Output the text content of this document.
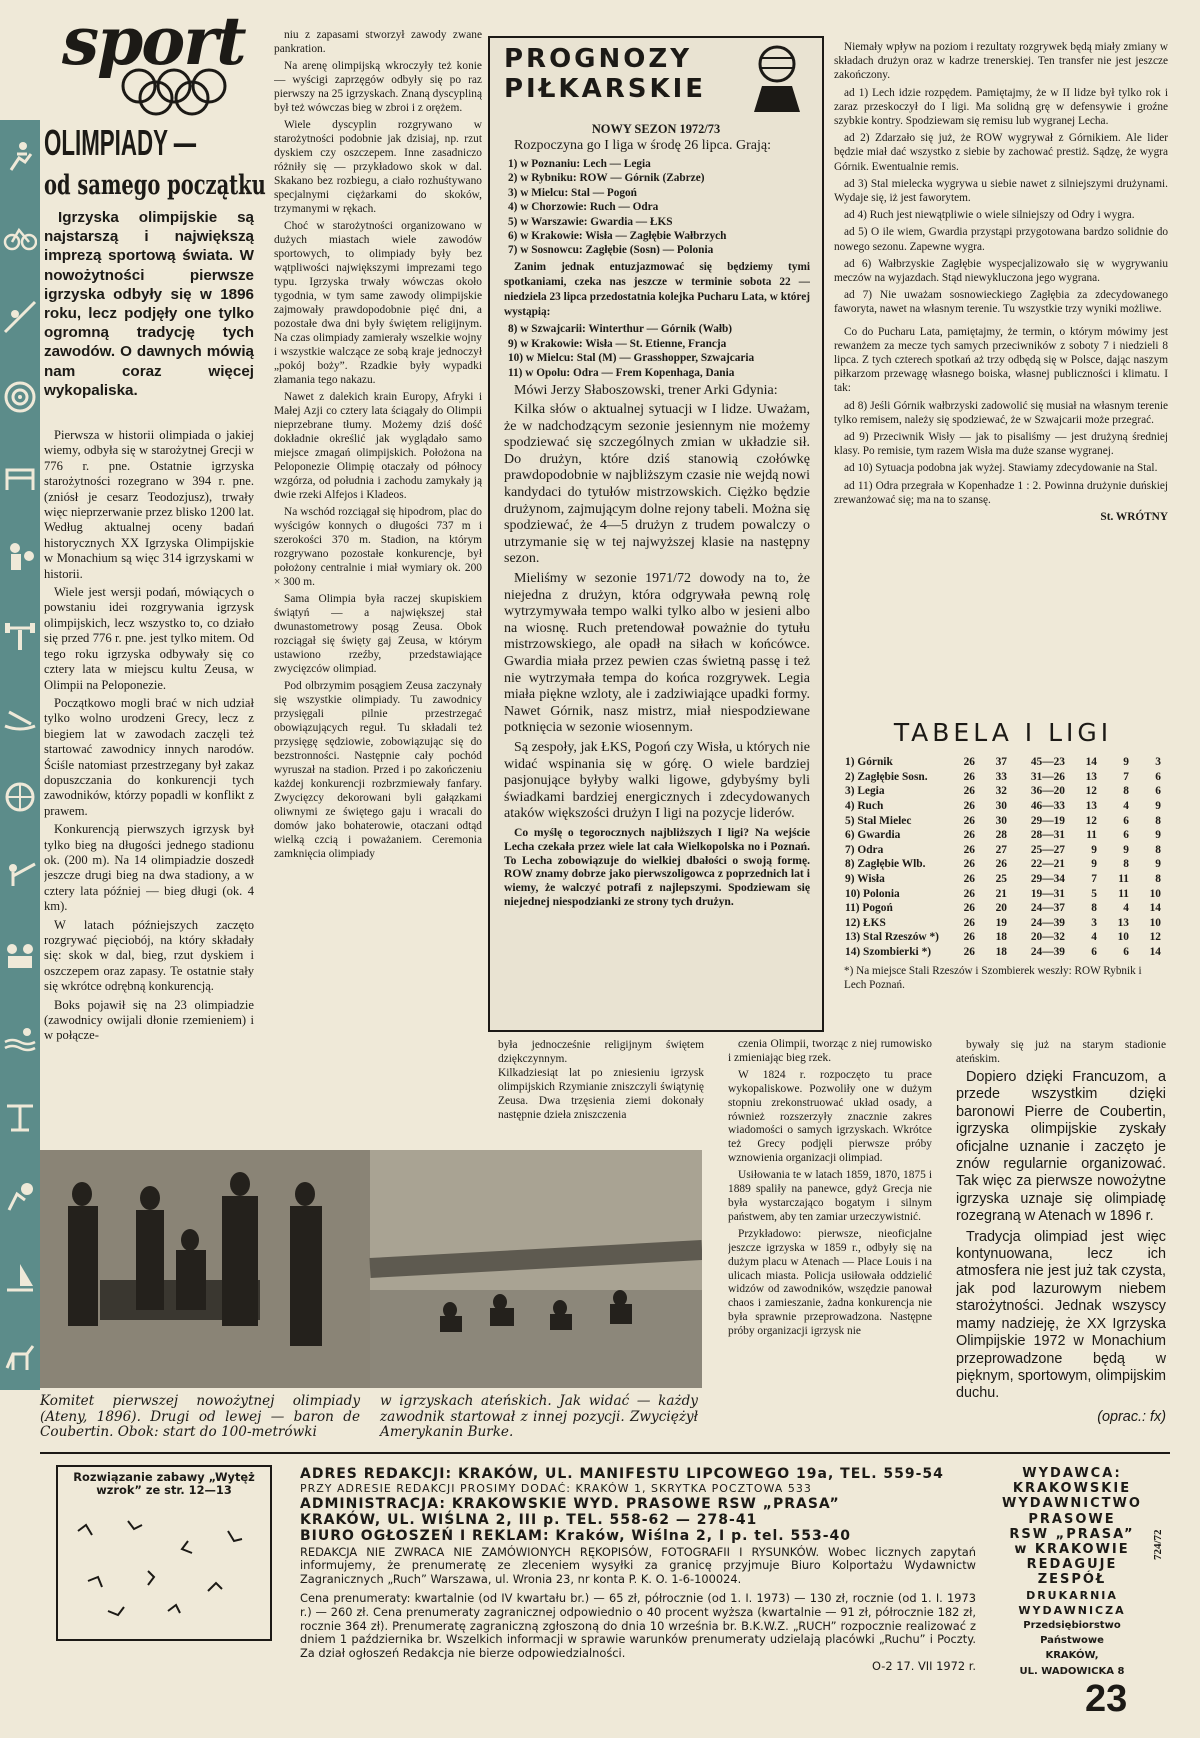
sport
OLIMPIADY —
od samego początku

Igrzyska olimpijskie są najstarszą i największą imprezą sportową świata. W nowożytności pierwsze igrzyska odbyły się w 1896 roku, lecz podjęły one tylko ogromną tradycję tych zawodów. O dawnych mówią nam coraz więcej wykopaliska.

Pierwsza w historii olimpiada o jakiej wiemy, odbyła się w starożytnej Grecji w 776 r. pne. Ostatnie igrzyska starożytności rozegrano w 394 r. pne. (zniósł je cesarz Teodozjusz), trwały więc nieprzerwanie przez blisko 1200 lat. Według aktualnej oceny badań historycznych XX Igrzyska Olimpijskie w Monachium są więc 314 igrzyskami w historii.

Wiele jest wersji podań, mówiących o powstaniu idei rozgrywania igrzysk olimpijskich, lecz wszystko to, co działo się przed 776 r. pne. jest tylko mitem. Od tego roku igrzyska odbywały się co cztery lata w miejscu kultu Zeusa, w Olimpii na Peloponezie.

Początkowo mogli brać w nich udział tylko wolno urodzeni Grecy, lecz z biegiem lat w zawodach zaczęli też startować zawodnicy innych narodów. Ściśle natomiast przestrzegany był zakaz dopuszczania do konkurencji tych zawodników, którzy popadli w konflikt z prawem.

Konkurencją pierwszych igrzysk był tylko bieg na długości jednego stadionu ok. (200 m). Na 14 olimpiadzie doszedł jeszcze drugi bieg na dwa stadiony, a w cztery lata później — bieg długi (ok. 4 km).

W latach późniejszych zaczęto rozgrywać pięciobój, na który składały się: skok w dal, bieg, rzut dyskiem i oszczepem oraz zapasy. Te ostatnie stały się wkrótce odrębną konkurencją.

Boks pojawił się na 23 olimpiadzie (zawodnicy owijali dłonie rzemieniem) i w połącze-

niu z zapasami stworzył zawody zwane pankration.

Na arenę olimpijską wkroczyły też konie — wyścigi zaprzęgów odbyły się po raz pierwszy na 25 igrzyskach. Znaną dyscypliną był też wówczas bieg w zbroi i z orężem.

Wiele dyscyplin rozgrywano w starożytności podobnie jak dzisiaj, np. rzut dyskiem czy oszczepem. Inne zasadniczo różniły się — przykładowo skok w dal. Skakano bez rozbiegu, a ciało rozhuśtywano specjalnymi ciężarkami do skoków, trzymanymi w rękach.

Choć w starożytności organizowano w dużych miastach wiele zawodów sportowych, to olimpiady były bez wątpliwości największymi imprezami tego typu. Igrzyska trwały wówczas około tygodnia, w tym same zawody olimpijskie zajmowały prawdopodobnie pięć dni, a pozostałe dwa dni były świętem religijnym. Na czas olimpiady zamierały wszelkie wojny i wszystkie walczące ze sobą kraje jednoczył „pokój boży”. Rzadkie były wypadki złamania tego nakazu.

Nawet z dalekich krain Europy, Afryki i Małej Azji co cztery lata ściągały do Olimpii nieprzebrane tłumy. Możemy dziś dość dokładnie określić jak wyglądało samo miejsce zmagań olimpijskich. Położona na Peloponezie Olimpię otaczały od północy wzgórza, od południa i zachodu zamykały ją dwie rzeki Alfejos i Kladeos.

Na wschód rozciągał się hipodrom, plac do wyścigów konnych o długości 737 m i szerokości 370 m. Stadion, na którym rozgrywano pozostałe konkurencje, był położony centralnie i miał wymiary ok. 200 × 300 m.

Sama Olimpia była raczej skupiskiem świątyń — a największej stał dwunastometrowy posąg Zeusa. Obok rozciągał się święty gaj Zeusa, w którym ustawiono rzeźby, przedstawiające zwycięzców olimpiad.

Pod olbrzymim posągiem Zeusa zaczynały się wszystkie olimpiady. Tu zawodnicy przysięgali pilnie przestrzegać obowiązujących reguł. Tu składali też przysięgę sędziowie, zobowiązując się do bezstronności. Następnie cały pochód wyruszał na stadion. Przed i po zakończeniu każdej konkurencji rozbrzmiewały fanfary. Zwycięzcy dekorowani byli gałązkami oliwnymi ze świętego gaju i wracali do domów jako bohaterowie, otaczani odtąd wielką czcią i poważaniem. Ceremonia zamknięcia olimpiady

PROGNOZY
PIŁKARSKIE
NOWY SEZON 1972/73

Rozpoczyna go I liga w środę 26 lipca. Grają:

1) w Poznaniu: Lech — Legia
2) w Rybniku: ROW — Górnik (Zabrze)
3) w Mielcu: Stal — Pogoń
4) w Chorzowie: Ruch — Odra
5) w Warszawie: Gwardia — ŁKS
6) w Krakowie: Wisła — Zagłębie Wałbrzych
7) w Sosnowcu: Zagłębie (Sosn) — Polonia

Zanim jednak entuzjazmować się będziemy tymi spotkaniami, czeka nas jeszcze w terminie sobota 22 — niedziela 23 lipca przedostatnia kolejka Pucharu Lata, w której wystąpią:

8) w Szwajcarii: Winterthur — Górnik (Wałb)
9) w Krakowie: Wisła — St. Etienne, Francja
10) w Mielcu: Stal (M) — Grasshopper, Szwajcaria
11) w Opolu: Odra — Frem Kopenhaga, Dania

Mówi Jerzy Słaboszowski, trener Arki Gdynia:

Kilka słów o aktualnej sytuacji w I lidze. Uważam, że w nadchodzącym sezonie jesiennym nie możemy spodziewać się szczególnych zmian w układzie sił. Do drużyn, które dziś stanowią czołówkę prawdopodobnie w najbliższym czasie nie wejdą nowi kandydaci do tytułów mistrzowskich. Ciężko będzie drużynom, zajmującym dolne rejony tabeli. Można się spodziewać, że 4—5 drużyn z trudem powalczy o utrzymanie się w tej najwyższej klasie na następny sezon.

Mieliśmy w sezonie 1971/72 dowody na to, że niejedna z drużyn, która odgrywała pewną rolę wytrzymywała tempo walki tylko albo w jesieni albo na wiosnę. Ruch pretendował poważnie do tytułu mistrzowskiego, ale opadł na siłach w końcówce. Gwardia miała przez pewien czas świetną passę i też nie wytrzymała tempa do końca rozgrywek. Legia miała piękne wzloty, ale i zadziwiające upadki formy. Nawet Górnik, nasz mistrz, miał niespodziewane potknięcia w sezonie wiosennym.

Są zespoły, jak ŁKS, Pogoń czy Wisła, u których nie widać wspinania się w górę. O wiele bardziej pasjonujące byłyby walki ligowe, gdybyśmy byli świadkami bardziej energicznych i zdecydowanych ataków większości drużyn I ligi na pozycje liderów.

Co myślę o tegorocznych najbliższych I ligi? Na wejście Lecha czekała przez wiele lat cała Wielkopolska no i Poznań. To Lecha zobowiązuje do wielkiej dbałości o swoją formę. ROW znamy dobrze jako pierwszoligowca z poprzednich lat i wiemy, że walczyć potrafi z najlepszymi. Spodziewam się niejednej niespodzianki ze strony tych drużyn.

Niemały wpływ na poziom i rezultaty rozgrywek będą miały zmiany w składach drużyn oraz w kadrze trenerskiej. Ten transfer nie jest jeszcze zakończony.

ad 1) Lech idzie rozpędem. Pamiętajmy, że w II lidze był tylko rok i zaraz przeskoczył do I ligi. Ma solidną grę w defensywie i groźne szybkie kontry. Spodziewam się remisu lub wygranej Lecha.

ad 2) Zdarzało się już, że ROW wygrywał z Górnikiem. Ale lider będzie miał dać wszystko z siebie by zachować prestiż. Sądzę, że wygra Górnik. Ewentualnie remis.

ad 3) Stal mielecka wygrywa u siebie nawet z silniejszymi drużynami. Wydaje się, iż jest faworytem.

ad 4) Ruch jest niewątpliwie o wiele silniejszy od Odry i wygra.

ad 5) O ile wiem, Gwardia przystąpi przygotowana bardzo solidnie do nowego sezonu. Zapewne wygra.

ad 6) Wałbrzyskie Zagłębie wyspecjalizowało się w wygrywaniu meczów na wyjazdach. Stąd niewykluczona jego wygrana.

ad 7) Nie uważam sosnowieckiego Zagłębia za zdecydowanego faworyta, nawet na własnym terenie. Tu wszystkie trzy wyniki możliwe.

Co do Pucharu Lata, pamiętajmy, że termin, o którym mówimy jest rewanżem za mecze tych samych przeciwników z soboty 7 i niedzieli 8 lipca. Z tych czterech spotkań aż trzy odbędą się w Polsce, dając naszym piłkarzom przewagę własnego boiska, własnej publiczności i klimatu. I tak:

ad 8) Jeśli Górnik wałbrzyski zadowolić się musiał na własnym terenie tylko remisem, należy się spodziewać, że w Szwajcarii może przegrać.

ad 9) Przeciwnik Wisły — jak to pisaliśmy — jest drużyną średniej klasy. Po remisie, tym razem Wisła ma duże szanse wygranej.

ad 10) Sytuacja podobna jak wyżej. Stawiamy zdecydowanie na Stal.

ad 11) Odra przegrała w Kopenhadze 1 : 2. Powinna drużynie duńskiej zrewanżować się; ma na to szansę.

St. WRÓTNY
TABELA I LIGI
1) Górnik	26	37	45—23	14	9	3
2) Zagłębie Sosn.	26	33	31—26	13	7	6
3) Legia	26	32	36—20	12	8	6
4) Ruch	26	30	46—33	13	4	9
5) Stal Mielec	26	30	29—19	12	6	8
6) Gwardia	26	28	28—31	11	6	9
7) Odra	26	27	25—27	9	9	8
8) Zagłębie Wlb.	26	26	22—21	9	8	9
9) Wisła	26	25	29—34	7	11	8
10) Polonia	26	21	19—31	5	11	10
11) Pogoń	26	20	24—37	8	4	14
12) ŁKS	26	19	24—39	3	13	10
13) Stal Rzeszów *)	26	18	20—32	4	10	12
14) Szombierki *)	26	18	24—39	6	6	14
*) Na miejsce Stali Rzeszów i Szombierek weszły: ROW Rybnik i Lech Poznań.

była jednocześnie religijnym świętem dziękczynnym.
Kilkadziesiąt lat po zniesieniu igrzysk olimpijskich Rzymianie zniszczyli świątynię Zeusa. Dwa trzęsienia ziemi dokonały następnie dzieła zniszczenia

czenia Olimpii, tworząc z niej rumowisko i zmieniając bieg rzek.

W 1824 r. rozpoczęto tu prace wykopaliskowe. Pozwoliły one w dużym stopniu zrekonstruować układ osady, a również rozszerzyły znacznie zakres wiadomości o samych igrzyskach. Wkrótce też Grecy podjęli pierwsze próby wznowienia organizacji olimpiad.

Usiłowania te w latach 1859, 1870, 1875 i 1889 spaliły na panewce, gdyż Grecja nie była wystarczająco bogatym i silnym państwem, aby ten zamiar urzeczywistnić.

Przykładowo: pierwsze, nieoficjalne jeszcze igrzyska w 1859 r., odbyły się na dużym placu w Atenach — Place Louis i na ulicach miasta. Policja usiłowała oddzielić widzów od zawodników, wszędzie panował chaos i zamieszanie, żadna konkurencja nie była sprawnie przeprowadzona. Następne próby organizacji igrzysk nie

bywały się już na starym stadionie ateńskim.

Dopiero dzięki Francuzom, a przede wszystkim dzięki baronowi Pierre de Coubertin, igrzyska olimpijskie zyskały oficjalne uznanie i zaczęto je znów regularnie organizować. Tak więc za pierwsze nowożytne igrzyska uznaje się olimpiadę rozegraną w Atenach w 1896 r.

Tradycja olimpiad jest więc kontynuowana, lecz ich atmosfera nie jest już tak czysta, jak pod lazurowym niebem starożytności. Jednak wszyscy mamy nadzieję, że XX Igrzyska Olimpijskie 1972 w Monachium przeprowadzone będą w pięknym, sportowym, olimpijskim duchu.

(oprac.: fx)
Komitet pierwszej nowożytnej olimpiady (Ateny, 1896). Drugi od lewej — baron de Coubertin. Obok: start do 100-metrówki
w igrzyskach ateńskich. Jak widać — każdy zawodnik startował z innej pozycji. Zwyciężył Amerykanin Burke.
Rozwiązanie zabawy „Wytęż wzrok” ze str. 12—13
ADRES REDAKCJI: KRAKÓW, UL. MANIFESTU LIPCOWEGO 19a, TEL. 559-54
PRZY ADRESIE REDAKCJI PROSIMY DODAĆ: KRAKÓW 1, SKRYTKA POCZTOWA 533
ADMINISTRACJA: KRAKOWSKIE WYD. PRASOWE RSW „PRASA”
KRAKÓW, UL. WIŚLNA 2, III p. TEL. 558-62 — 278-41
BIURO OGŁOSZEŃ I REKLAM: Kraków, Wiślna 2, I p. tel. 553-40
REDAKCJA NIE ZWRACA NIE ZAMÓWIONYCH RĘKOPISÓW, FOTOGRAFII I RYSUNKÓW. Wobec licznych zapytań informujemy, że prenumeratę ze zleceniem wysyłki za granicę przyjmuje Biuro Kolportażu Wydawnictw Zagranicznych „Ruch” Warszawa, ul. Wronia 23, nr konta P. K. O. 1-6-100024.
Cena prenumeraty: kwartalnie (od IV kwartału br.) — 65 zł, półrocznie (od 1. I. 1973) — 130 zł, rocznie (od 1. I. 1973 r.) — 260 zł. Cena prenumeraty zagranicznej odpowiednio o 40 procent wyższa (kwartalnie — 91 zł, półrocznie 182 zł, rocznie 364 zł). Prenumeratę zagraniczną zgłoszoną do dnia 10 września br. B.K.W.Z. „RUCH” rozpocznie realizować z dniem 1 października br. Wszelkich informacji w sprawie warunków prenumeraty udzielają placówki „Ruchu” i Poczty. Za dział ogłoszeń Redakcja nie bierze odpowiedzialności.
O-2 17. VII 1972 r.
WYDAWCA:
KRAKOWSKIE
WYDAWNICTWO
PRASOWE
RSW „PRASA”
w KRAKOWIE
REDAGUJE
ZESPÓŁ
DRUKARNIA
WYDAWNICZA
Przedsiębiorstwo Państwowe
KRAKÓW,
UL. WADOWICKA 8
724/72
23
